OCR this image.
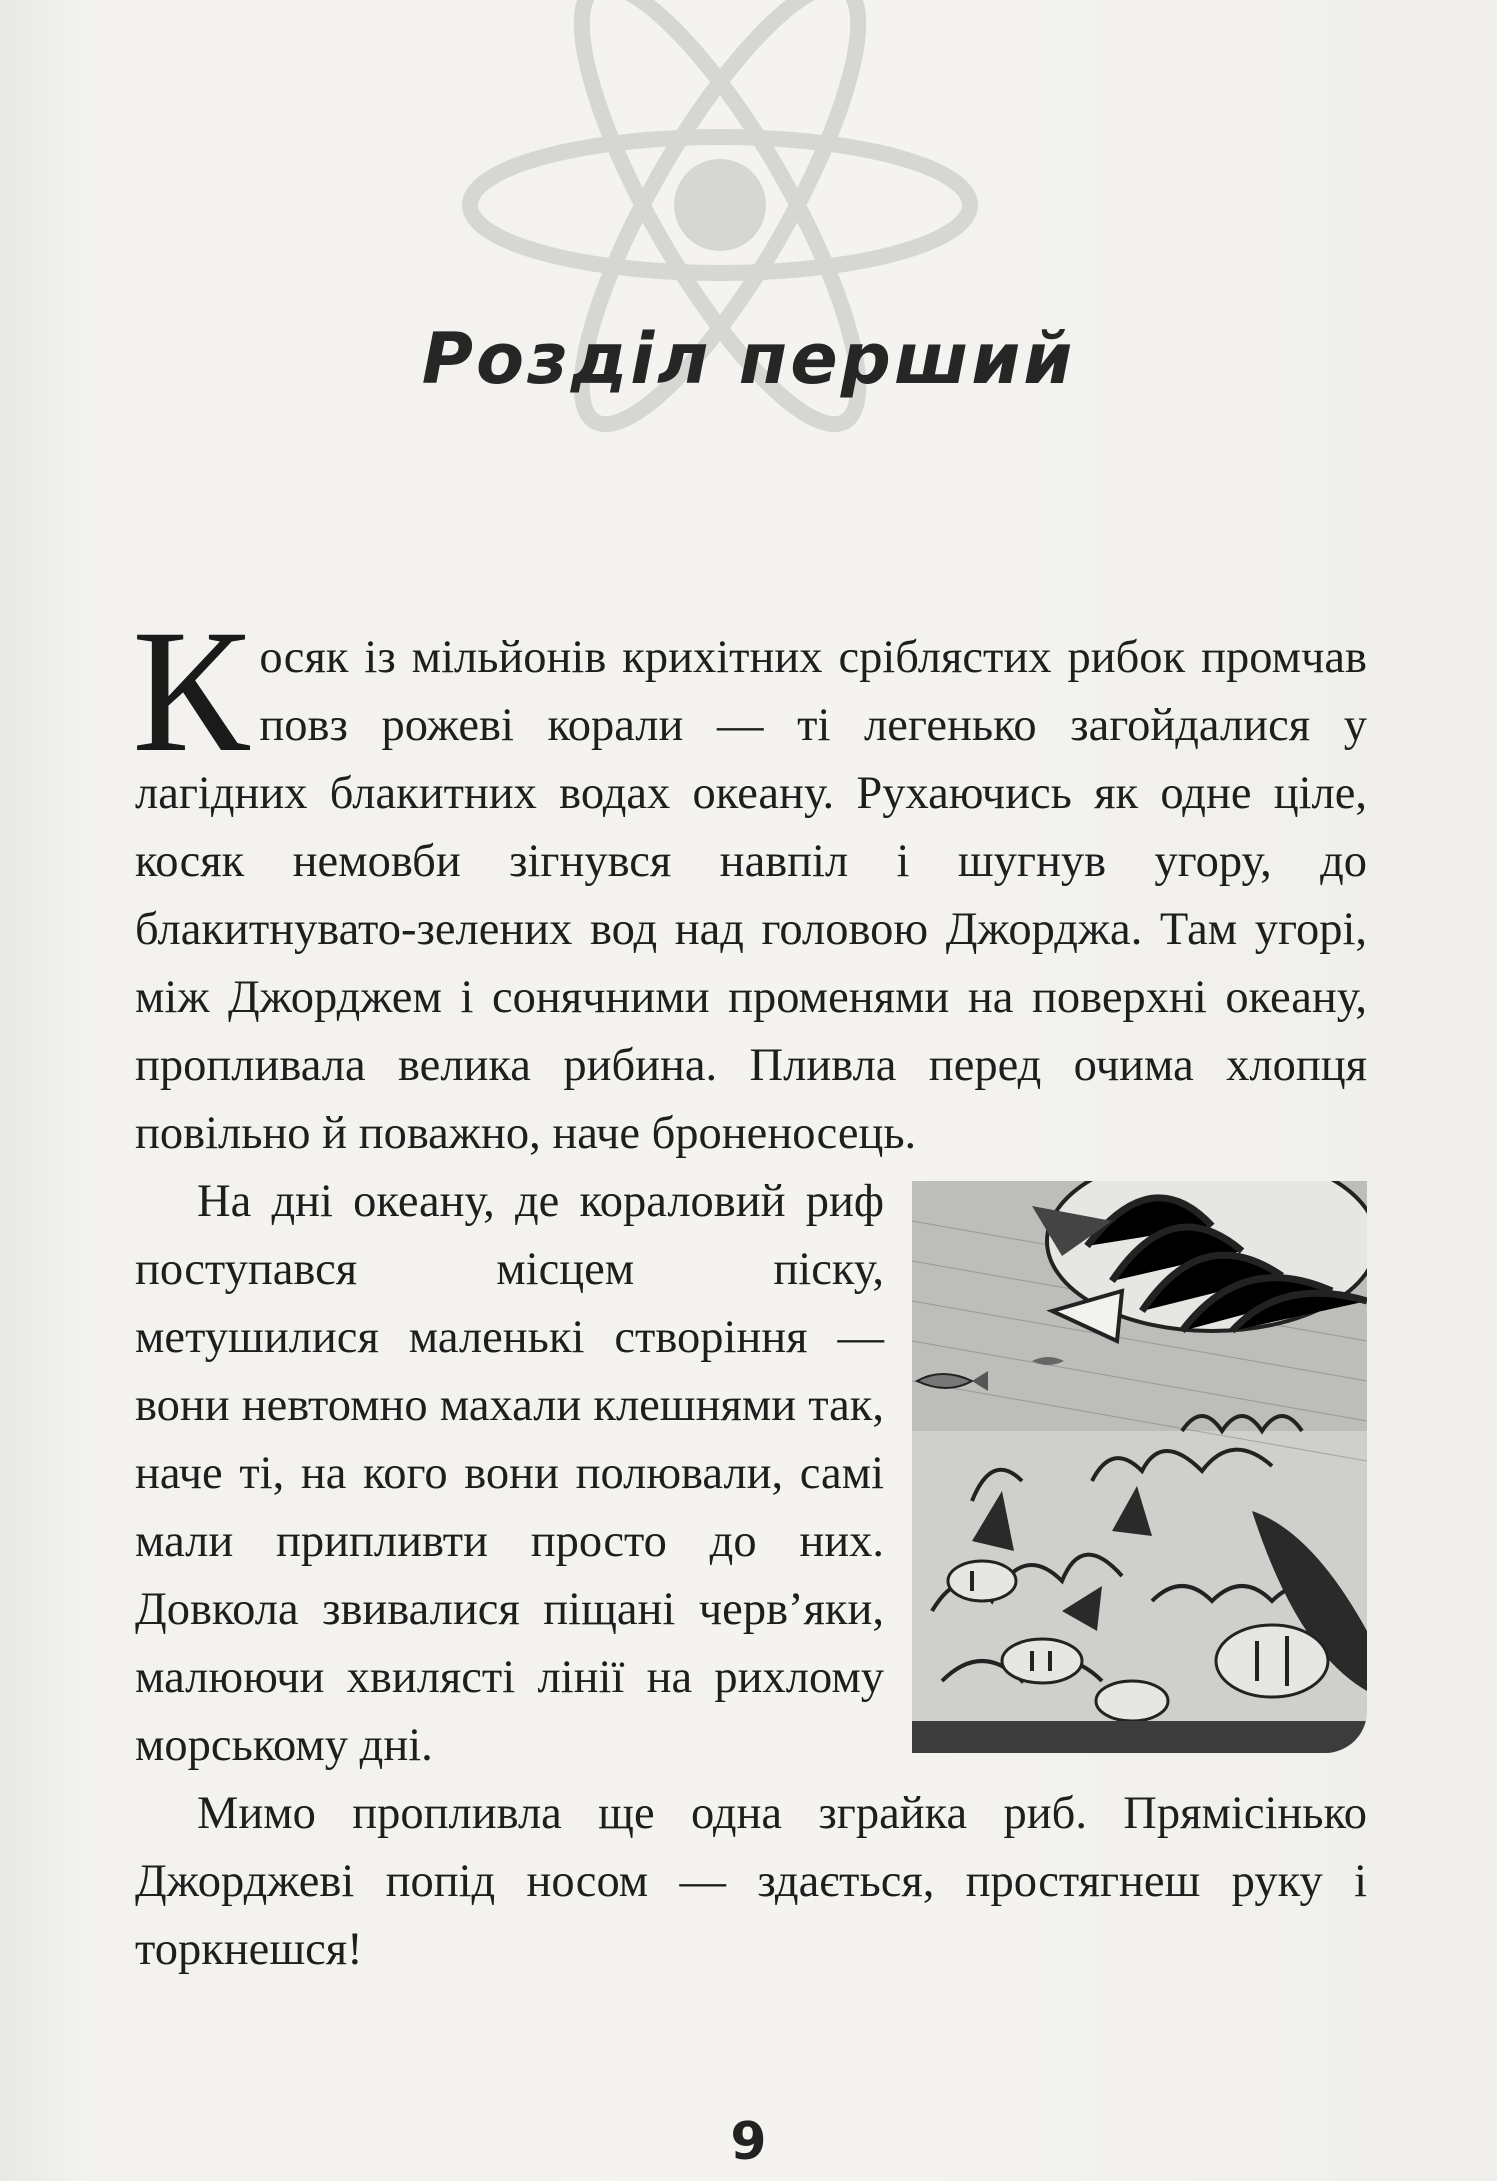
Розділ перший

Косяк із мільйонів крихітних сріблястих рибок промчав повз рожеві корали — ті легенько загойдалися у лагідних блакитних водах океану. Рухаючись як одне ціле, косяк немовби зігнувся навпіл і шугнув угору, до блакитнувато-зелених вод над головою Джорджа. Там угорі, між Джорджем і сонячними променями на поверхні океану, пропливала велика рибина. Пливла перед очима хлопця повільно й поважно, наче броненосець.

На дні океану, де кораловий риф поступався місцем піску, метушилися маленькі створіння — вони невтомно махали клешнями так, наче ті, на кого вони полювали, самі мали припливти просто до них. Довкола звивалися піщані черв’яки, малюючи хвилясті лінії на рихлому морському дні.

Мимо пропливла ще одна зграйка риб. Прямісінько Джорджеві попід носом — здається, простягнеш руку і торкнешся!

9
